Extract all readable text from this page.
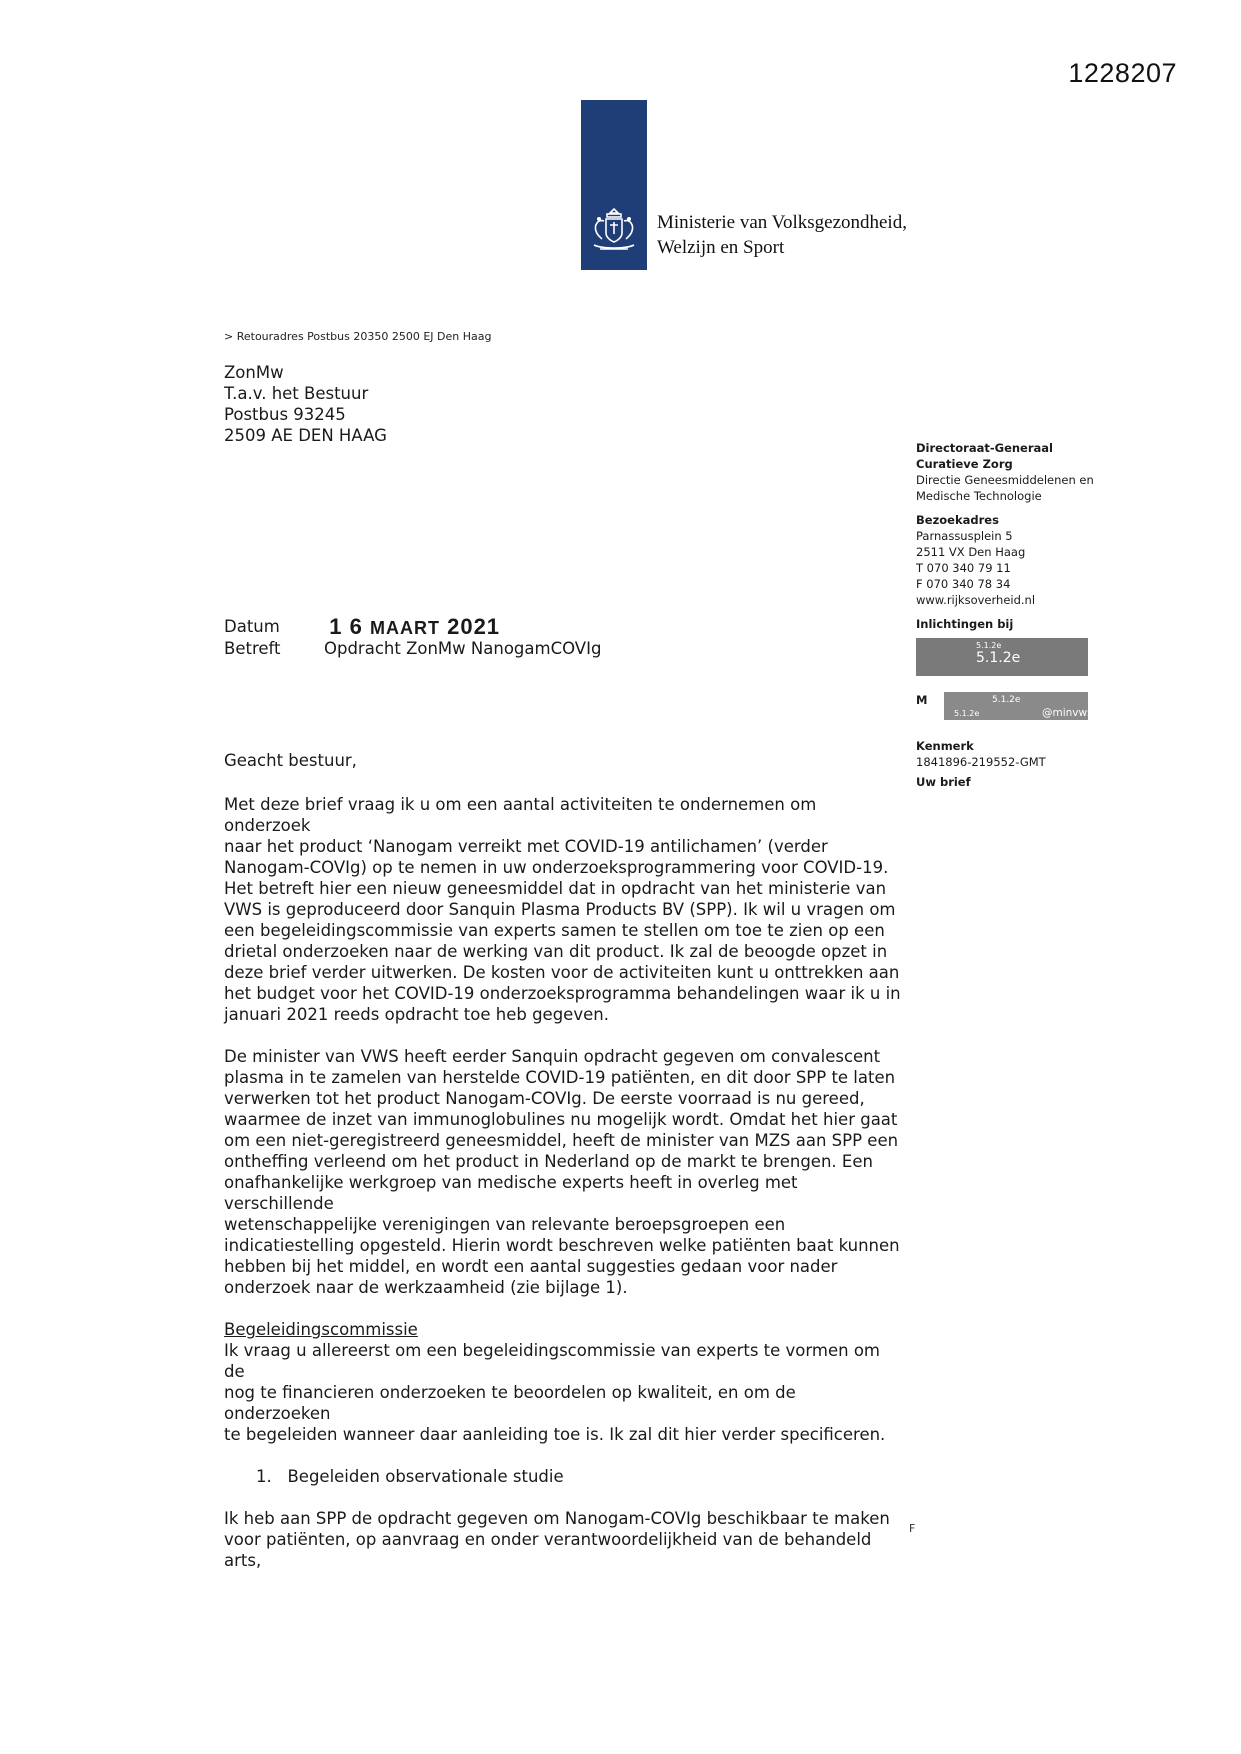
1228207
Ministerie van Volksgezondheid,
Welzijn en Sport
> Retouradres Postbus 20350 2500 EJ Den Haag
ZonMw
T.a.v. het Bestuur
Postbus 93245
2509 AE DEN HAAG
Directoraat-Generaal
Curatieve Zorg
Directie Geneesmiddelenen en
Medische Technologie
Bezoekadres
Parnassusplein 5
2511 VX Den Haag
T 070 340 79 11
F 070 340 78 34
www.rijksoverheid.nl
Inlichtingen bij
5.1.2e
5.1.2e
M	5.1.2e
5.1.2e	@minvws.nl
Kenmerk
1841896-219552-GMT
Uw brief
Datum 1 6 MAART 2021
Betreft	Opdracht ZonMw NanogamCOVIg

Geacht bestuur,

Met deze brief vraag ik u om een aantal activiteiten te ondernemen om onderzoek
naar het product ‘Nanogam verreikt met COVID-19 antilichamen’ (verder
Nanogam-COVIg) op te nemen in uw onderzoeksprogrammering voor COVID-19.
Het betreft hier een nieuw geneesmiddel dat in opdracht van het ministerie van
VWS is geproduceerd door Sanquin Plasma Products BV (SPP). Ik wil u vragen om
een begeleidingscommissie van experts samen te stellen om toe te zien op een
drietal onderzoeken naar de werking van dit product. Ik zal de beoogde opzet in
deze brief verder uitwerken. De kosten voor de activiteiten kunt u onttrekken aan
het budget voor het COVID-19 onderzoeksprogramma behandelingen waar ik u in
januari 2021 reeds opdracht toe heb gegeven.

De minister van VWS heeft eerder Sanquin opdracht gegeven om convalescent
plasma in te zamelen van herstelde COVID-19 patiënten, en dit door SPP te laten
verwerken tot het product Nanogam-COVIg. De eerste voorraad is nu gereed,
waarmee de inzet van immunoglobulines nu mogelijk wordt. Omdat het hier gaat
om een niet-geregistreerd geneesmiddel, heeft de minister van MZS aan SPP een
ontheffing verleend om het product in Nederland op de markt te brengen. Een
onafhankelijke werkgroep van medische experts heeft in overleg met verschillende
wetenschappelijke verenigingen van relevante beroepsgroepen een
indicatiestelling opgesteld. Hierin wordt beschreven welke patiënten baat kunnen
hebben bij het middel, en wordt een aantal suggesties gedaan voor nader
onderzoek naar de werkzaamheid (zie bijlage 1).

Begeleidingscommissie

Ik vraag u allereerst om een begeleidingscommissie van experts te vormen om de
nog te financieren onderzoeken te beoordelen op kwaliteit, en om de onderzoeken
te begeleiden wanneer daar aanleiding toe is. Ik zal dit hier verder specificeren.

1.   Begeleiden observationale studie

Ik heb aan SPP de opdracht gegeven om Nanogam-COVIg beschikbaar te maken
voor patiënten, op aanvraag en onder verantwoordelijkheid van de behandeld arts,

F
